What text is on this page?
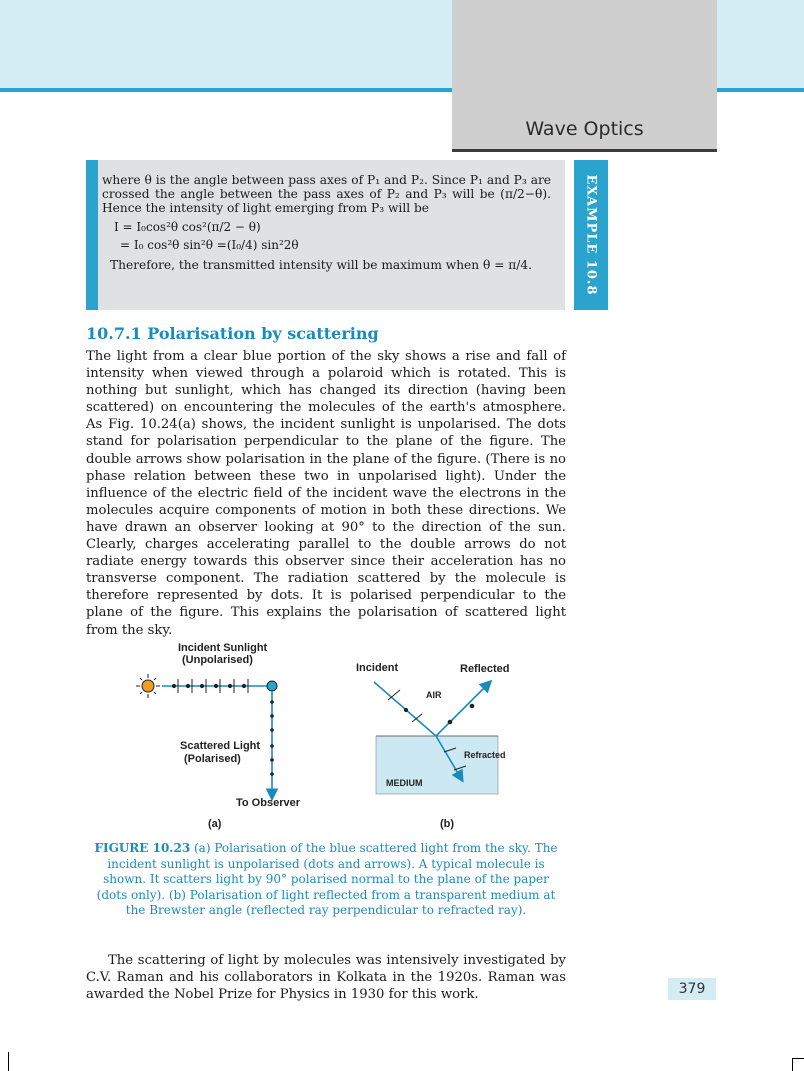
Wave Optics

where θ is the angle between pass axes of P₁ and P₂. Since P₁ and P₃ are crossed the angle between the pass axes of P₂ and P₃ will be (π/2−θ). Hence the intensity of light emerging from P₃ will be

I = I₀cos²θ cos²(π/2 − θ)
= I₀ cos²θ sin²θ =(I₀/4) sin²2θ

Therefore, the transmitted intensity will be maximum when θ = π/4.	EXAMPLE 10.8
10.7.1 Polarisation by scattering

The light from a clear blue portion of the sky shows a rise and fall of intensity when viewed through a polaroid which is rotated. This is nothing but sunlight, which has changed its direction (having been scattered) on encountering the molecules of the earth's atmosphere. As Fig. 10.24(a) shows, the incident sunlight is unpolarised. The dots stand for polarisation perpendicular to the plane of the figure. The double arrows show polarisation in the plane of the figure. (There is no phase relation between these two in unpolarised light). Under the influence of the electric field of the incident wave the electrons in the molecules acquire components of motion in both these directions. We have drawn an observer looking at 90° to the direction of the sun. Clearly, charges accelerating parallel to the double arrows do not radiate energy towards this observer since their acceleration has no transverse component. The radiation scattered by the molecule is therefore represented by dots. It is polarised perpendicular to the plane of the figure. This explains the polarisation of scattered light from the sky.

Incident Sunlight
(Unpolarised)
Scattered Light
(Polarised)
To Observer
(a)
Incident	Reflected
AIR
Refracted
MEDIUM
(b)

FIGURE 10.23 (a) Polarisation of the blue scattered light from the sky. The incident sunlight is unpolarised (dots and arrows). A typical molecule is shown. It scatters light by 90° polarised normal to the plane of the paper (dots only). (b) Polarisation of light reflected from a transparent medium at the Brewster angle (reflected ray perpendicular to refracted ray).

The scattering of light by molecules was intensively investigated by C.V. Raman and his collaborators in Kolkata in the 1920s. Raman was awarded the Nobel Prize for Physics in 1930 for this work.	379
